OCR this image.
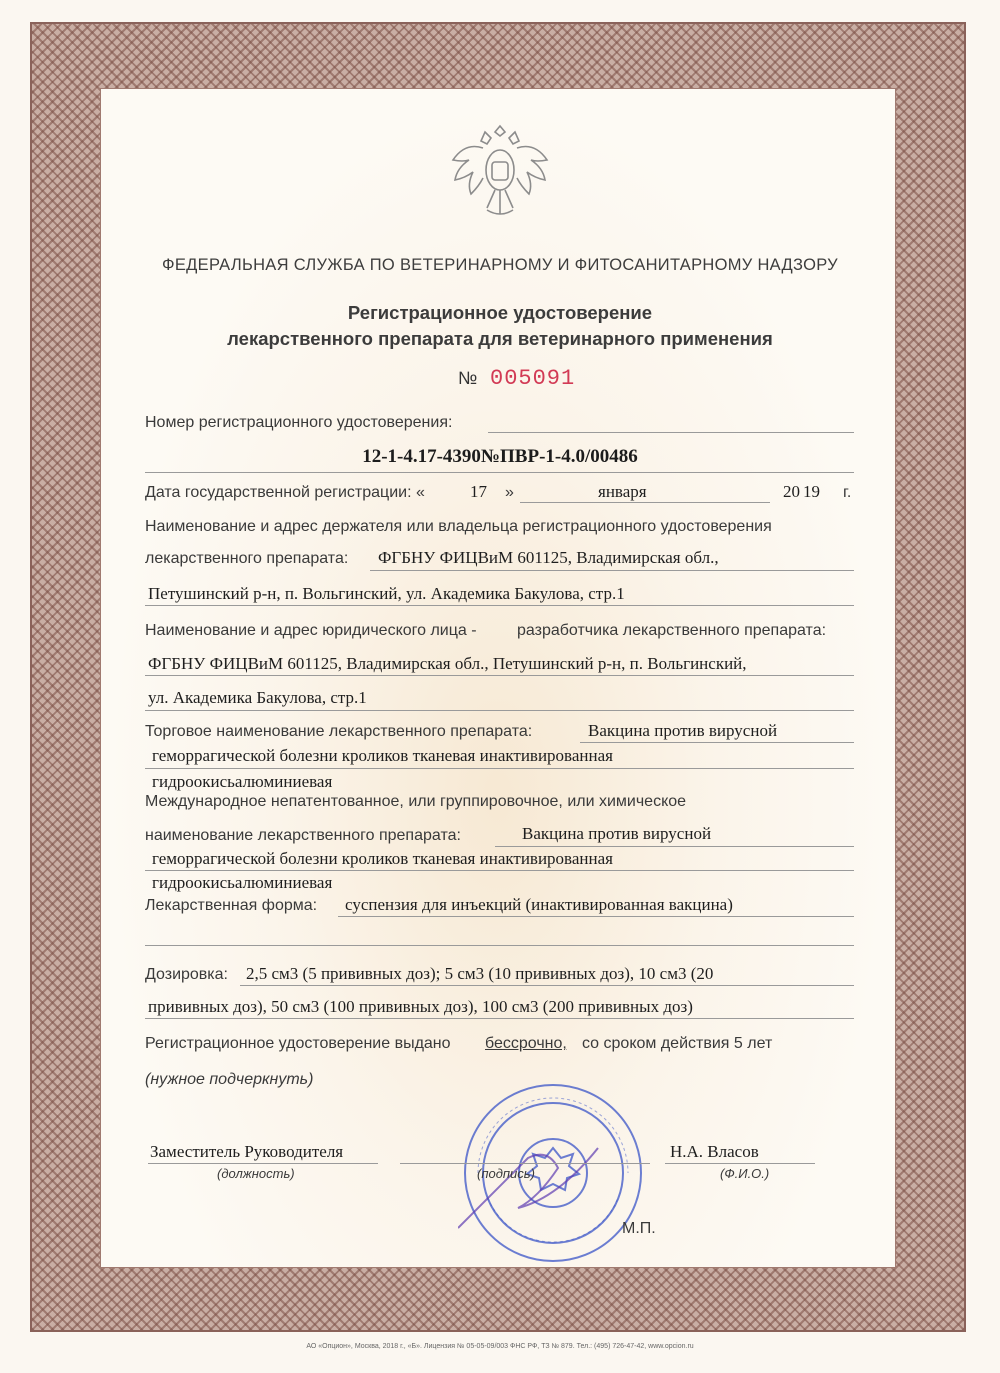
ФЕДЕРАЛЬНАЯ СЛУЖБА ПО ВЕТЕРИНАРНОМУ И ФИТОСАНИТАРНОМУ НАДЗОРУ
Регистрационное удостоверение
лекарственного препарата для ветеринарного применения
№ 005091
Номер регистрационного удостоверения:
12-1-4.17-4390№ПВР-1-4.0/00486
Дата государственной регистрации: «	17 »	января	20 19 г.
Наименование и адрес держателя или владельца регистрационного удостоверения
лекарственного препарата: ФГБНУ ФИЦВиМ 601125, Владимирская обл.,
Петушинский р-н, п. Вольгинский, ул. Академика Бакулова, стр.1
Наименование и адрес юридического лица -	разработчика лекарственного препарата:
ФГБНУ ФИЦВиМ 601125, Владимирская обл., Петушинский р-н, п. Вольгинский,
ул. Академика Бакулова, стр.1
Торговое наименование лекарственного препарата:	Вакцина против вирусной
геморрагической болезни кроликов тканевая инактивированная
гидроокисьалюминиевая
Международное непатентованное, или группировочное, или химическое
наименование лекарственного препарата:	Вакцина против вирусной
геморрагической болезни кроликов тканевая инактивированная
гидроокисьалюминиевая
Лекарственная форма: суспензия для инъекций (инактивированная вакцина)
Дозировка: 2,5 см3 (5 прививных доз); 5 см3 (10 прививных доз), 10 см3 (20
прививных доз), 50 см3 (100 прививных доз), 100 см3 (200 прививных доз)
Регистрационное удостоверение выдано бессрочно, со сроком действия 5 лет
(нужное подчеркнуть)
Заместитель Руководителя
(должность)	(подпись)
Н.А. Власов
(Ф.И.О.)
М.П.
АО «Опцион», Москва, 2018 г., «Б». Лицензия № 05-05-09/003 ФНС РФ, ТЗ № 879. Тел.: (495) 726-47-42, www.opcion.ru
